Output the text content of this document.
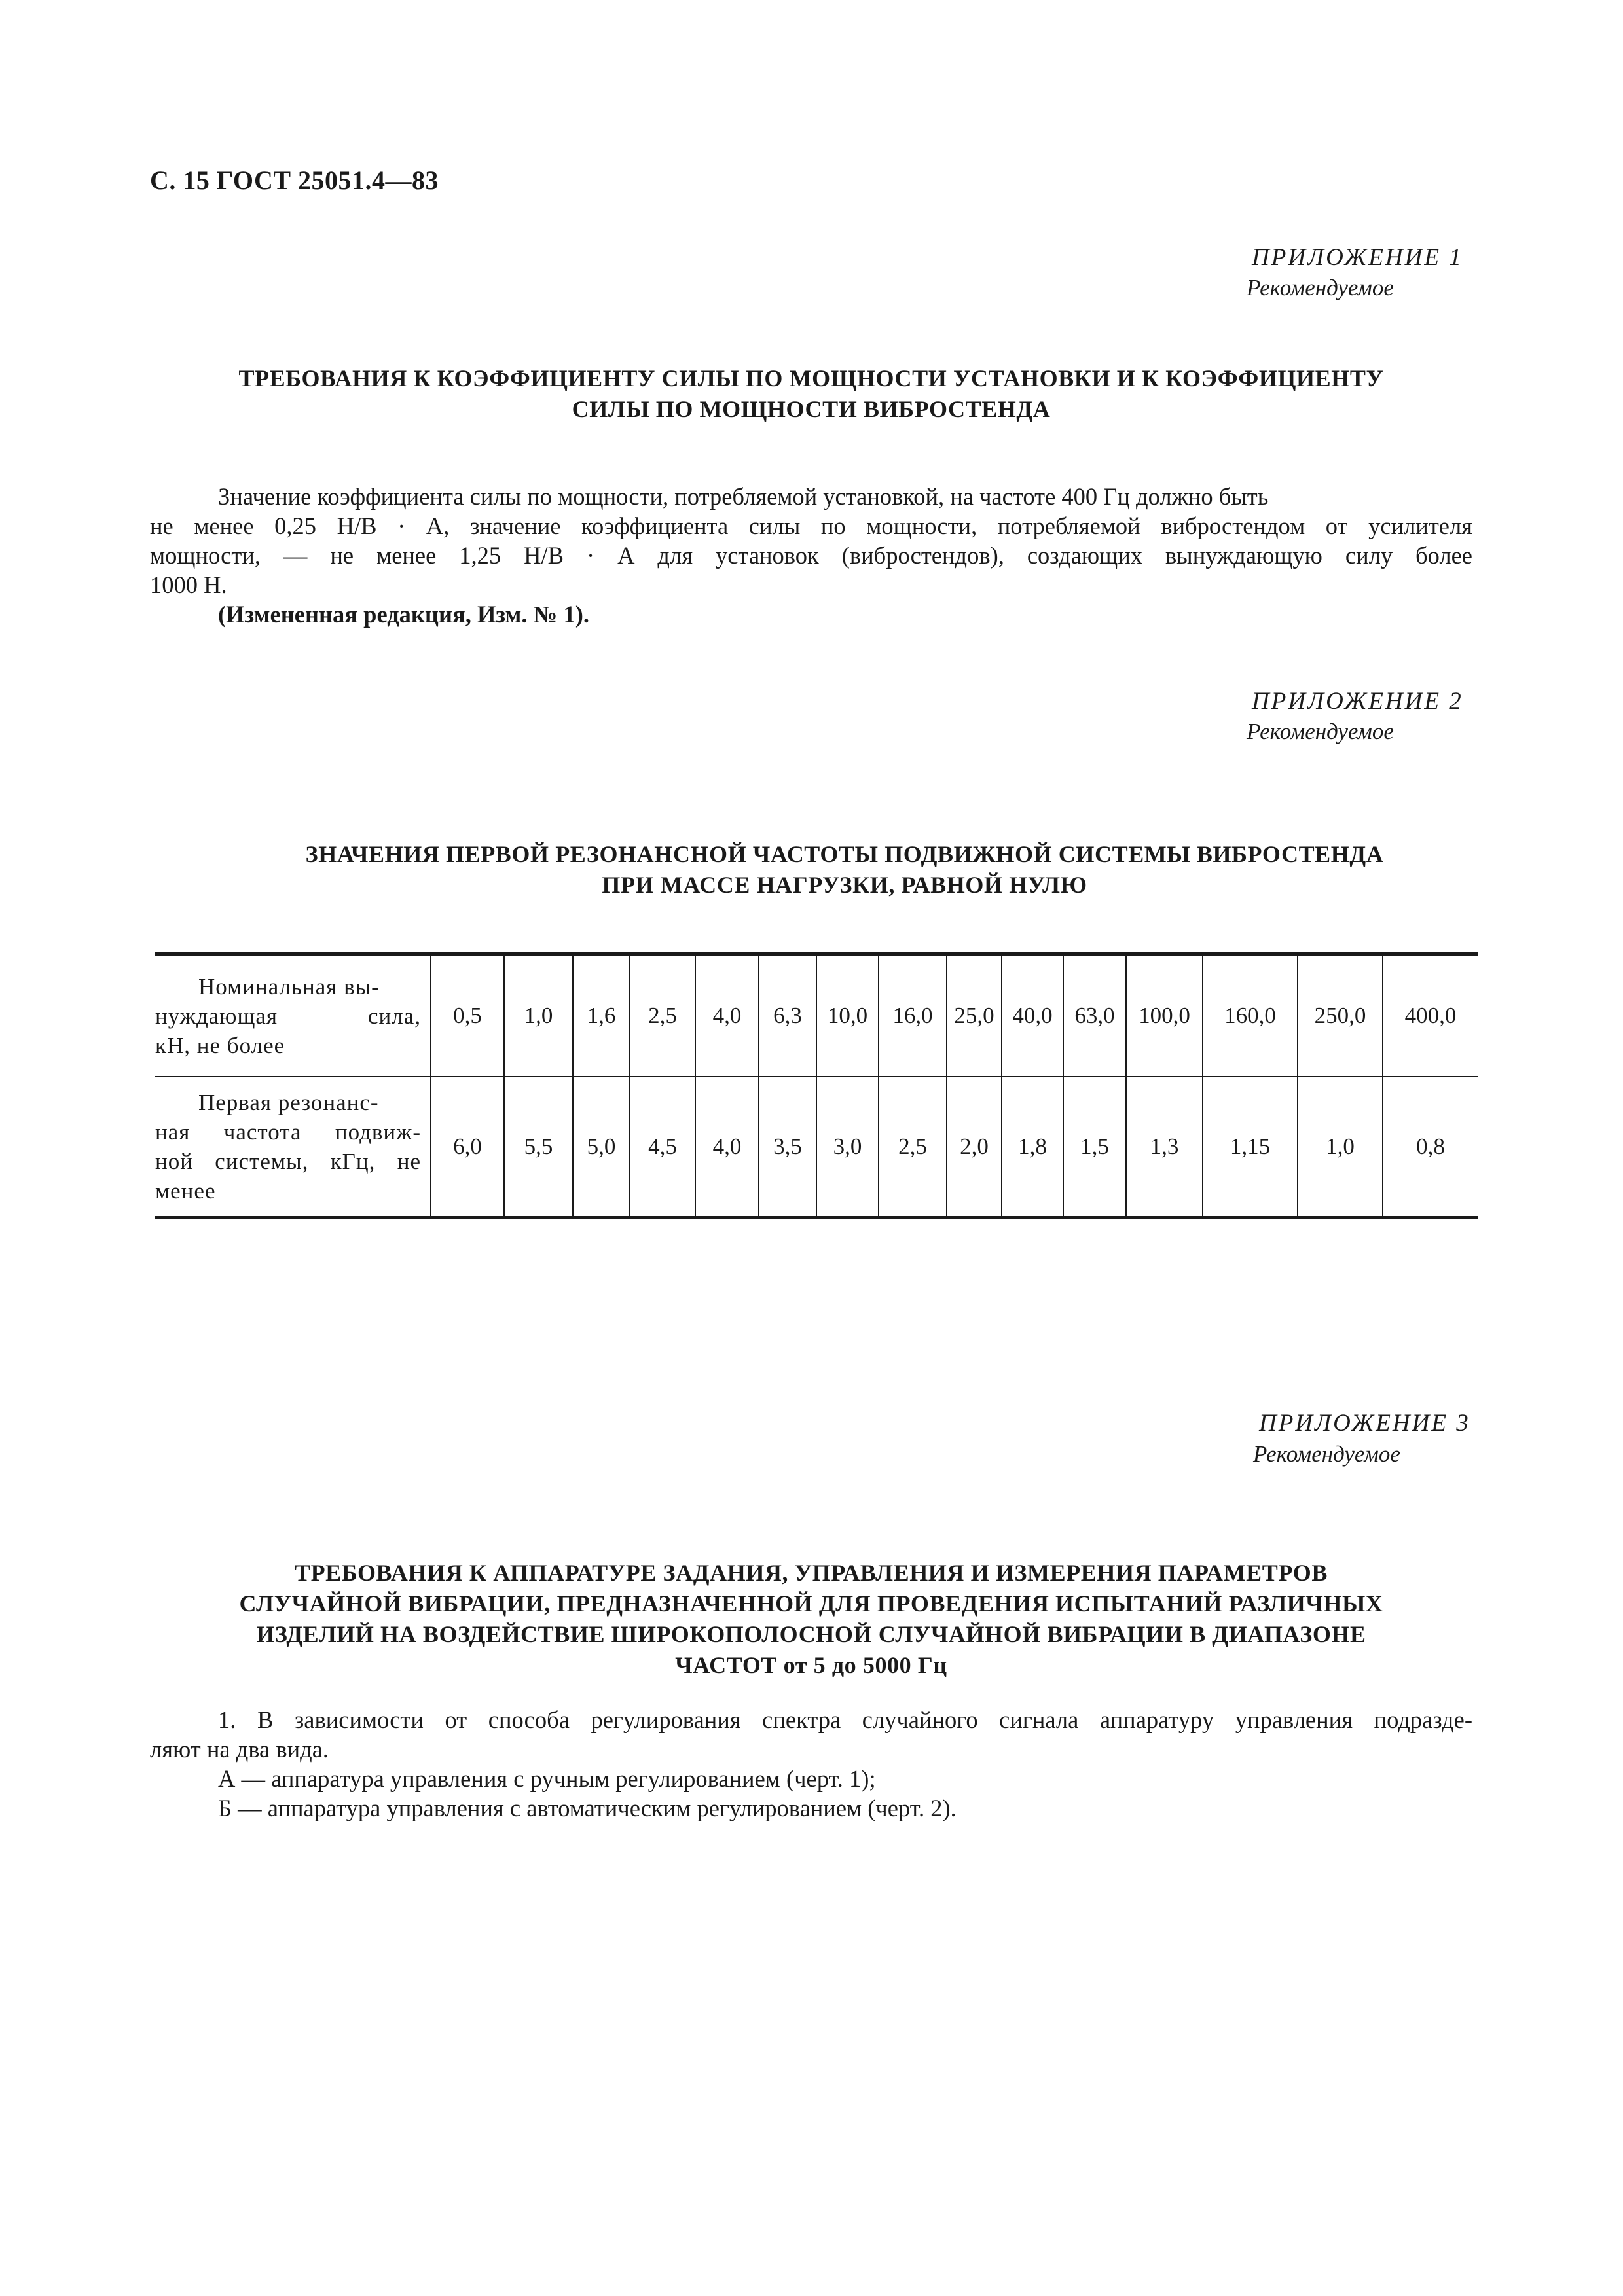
С. 15 ГОСТ 25051.4—83
ПРИЛОЖЕНИЕ 1
Рекомендуемое
ТРЕБОВАНИЯ К КОЭФФИЦИЕНТУ СИЛЫ ПО МОЩНОСТИ УСТАНОВКИ И К КОЭФФИЦИЕНТУ
СИЛЫ ПО МОЩНОСТИ ВИБРОСТЕНДА
Значение коэффициента силы по мощности, потребляемой установкой, на частоте 400 Гц должно быть
не менее 0,25 Н/В · А, значение коэффициента силы по мощности, потребляемой вибростендом от усилителя
мощности, — не менее 1,25 Н/В · А для установок (вибростендов), создающих вынуждающую силу более
1000 Н.
(Измененная редакция, Изм. № 1).
ПРИЛОЖЕНИЕ 2
Рекомендуемое
ЗНАЧЕНИЯ ПЕРВОЙ РЕЗОНАНСНОЙ ЧАСТОТЫ ПОДВИЖНОЙ СИСТЕМЫ ВИБРОСТЕНДА
ПРИ МАССЕ НАГРУЗКИ, РАВНОЙ НУЛЮ
Номинальная вы-
нуждающая сила,
кН, не более	0,5	1,0	1,6	2,5	4,0	6,3	10,0	16,0	25,0	40,0	63,0	100,0	160,0	250,0	400,0

Первая резонанс-
ная частота подвиж-
ной системы, кГц, не
менее	6,0	5,5	5,0	4,5	4,0	3,5	3,0	2,5	2,0	1,8	1,5	1,3	1,15	1,0	0,8
ПРИЛОЖЕНИЕ 3
Рекомендуемое
ТРЕБОВАНИЯ К АППАРАТУРЕ ЗАДАНИЯ, УПРАВЛЕНИЯ И ИЗМЕРЕНИЯ ПАРАМЕТРОВ
СЛУЧАЙНОЙ ВИБРАЦИИ, ПРЕДНАЗНАЧЕННОЙ ДЛЯ ПРОВЕДЕНИЯ ИСПЫТАНИЙ РАЗЛИЧНЫХ
ИЗДЕЛИЙ НА ВОЗДЕЙСТВИЕ ШИРОКОПОЛОСНОЙ СЛУЧАЙНОЙ ВИБРАЦИИ В ДИАПАЗОНЕ
ЧАСТОТ от 5 до 5000 Гц
1. В зависимости от способа регулирования спектра случайного сигнала аппаратуру управления подразде-
ляют на два вида.
А — аппаратура управления с ручным регулированием (черт. 1);
Б — аппаратура управления с автоматическим регулированием (черт. 2).
